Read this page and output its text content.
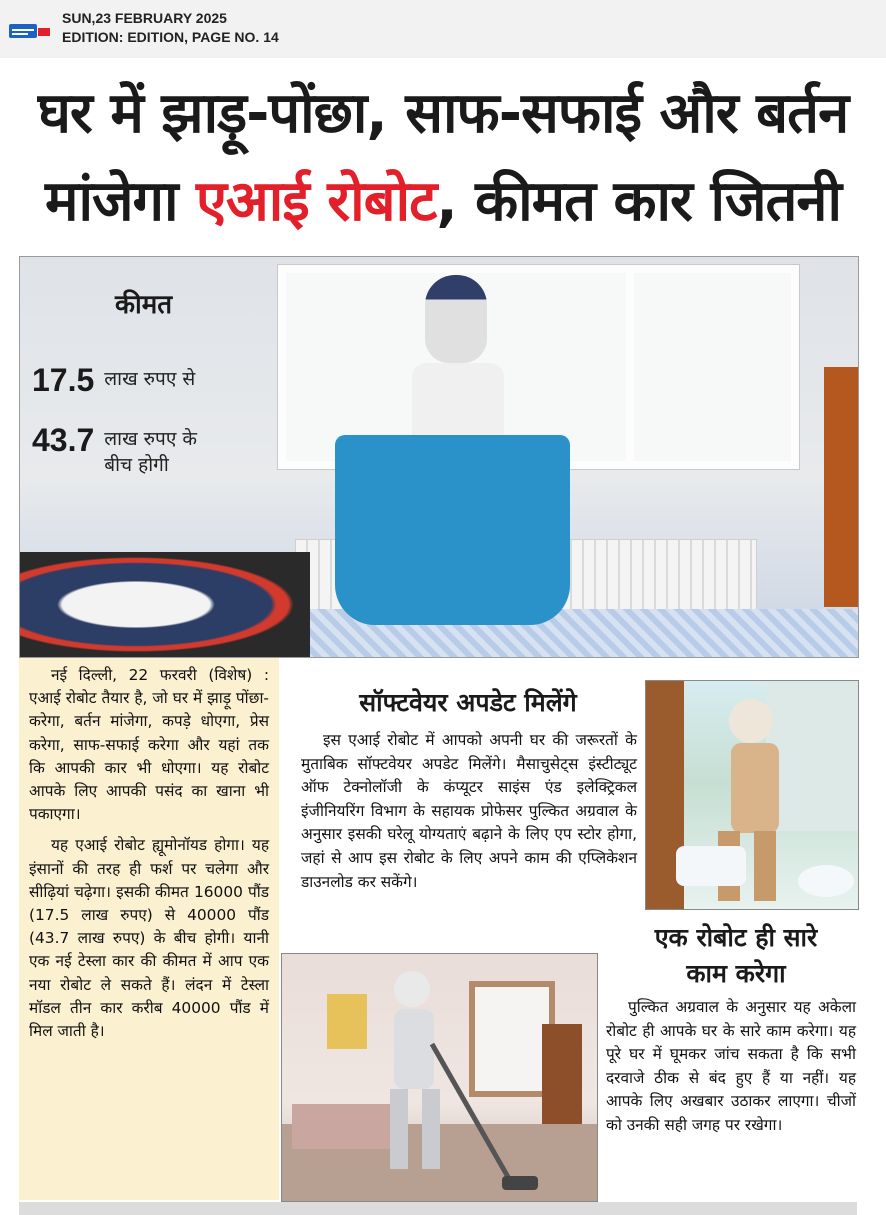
SUN,23 FEBRUARY 2025
EDITION: EDITION, PAGE NO. 14
घर में झाड़ू-पोंछा, साफ-सफाई और बर्तन
मांजेगा एआई रोबोट, कीमत कार जितनी
कीमत
17.5 लाख रुपए से
43.7 लाख रुपए के बीच होगी

नई दिल्ली, 22 फरवरी (विशेष) : एआई रोबोट तैयार है, जो घर में झाड़ू पोंछा-करेगा, बर्तन मांजेगा, कपड़े धोएगा, प्रेस करेगा, साफ-सफाई करेगा और यहां तक कि आपकी कार भी धोएगा। यह रोबोट आपके लिए आपकी पसंद का खाना भी पकाएगा।

यह एआई रोबोट ह्यूमोनॉयड होगा। यह इंसानों की तरह ही फर्श पर चलेगा और सीढ़ियां चढ़ेगा। इसकी कीमत 16000 पौंड (17.5 लाख रुपए) से 40000 पौंड (43.7 लाख रुपए) के बीच होगी। यानी एक नई टेस्ला कार की कीमत में आप एक नया रोबोट ले सकते हैं। लंदन में टेस्ला मॉडल तीन कार करीब 40000 पौंड में मिल जाती है।

सॉफ्टवेयर अपडेट मिलेंगे

इस एआई रोबोट में आपको अपनी घर की जरूरतों के मुताबिक सॉफ्टवेयर अपडेट मिलेंगे। मैसाचुसेट्स इंस्टीट्यूट ऑफ टेक्नोलॉजी के कंप्यूटर साइंस एंड इलेक्ट्रिकल इंजीनियरिंग विभाग के सहायक प्रोफेसर पुल्कित अग्रवाल के अनुसार इसकी घरेलू योग्यताएं बढ़ाने के लिए एप स्टोर होगा, जहां से आप इस रोबोट के लिए अपने काम की एप्लिकेशन डाउनलोड कर सकेंगे।

एक रोबोट ही सारे
काम करेगा

पुल्कित अग्रवाल के अनुसार यह अकेला रोबोट ही आपके घर के सारे काम करेगा। यह पूरे घर में घूमकर जांच सकता है कि सभी दरवाजे ठीक से बंद हुए हैं या नहीं। यह आपके लिए अखबार उठाकर लाएगा। चीजों को उनकी सही जगह पर रखेगा।
